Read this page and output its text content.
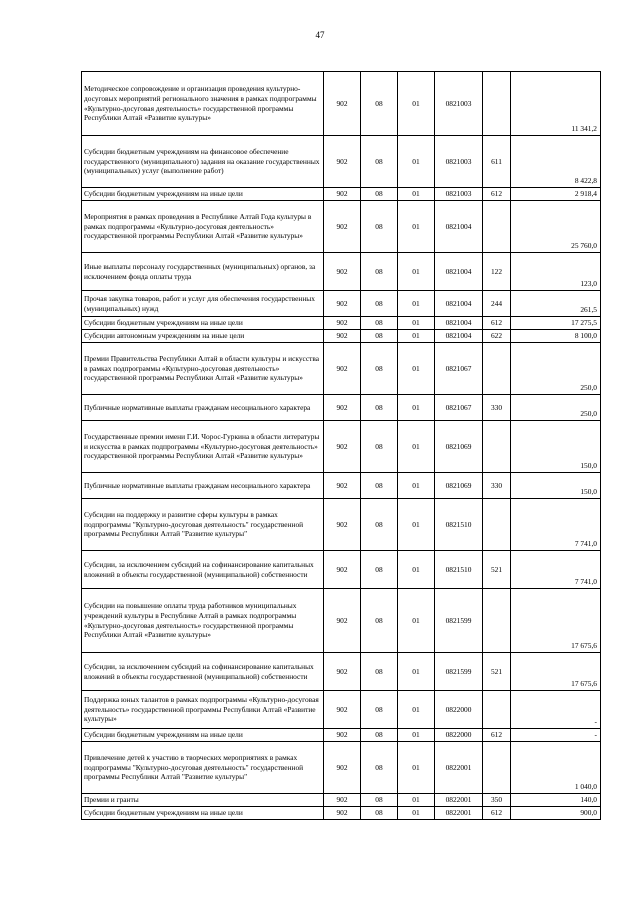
47
Методическое сопровождение и организация проведения культурно-досуговых мероприятий регионального значения в рамках подпрограммы «Культурно-досуговая деятельность» государственной программы Республики Алтай «Развитие культуры»	902	08	01	0821003		11 341,2
Субсидии бюджетным учреждениям на финансовое обеспечение государственного (муниципального) задания на оказание государственных (муниципальных) услуг (выполнение работ)	902	08	01	0821003	611	8 422,8
Субсидии бюджетным учреждениям на иные цели	902	08	01	0821003	612	2 918,4
Мероприятия в рамках проведения в Республике Алтай Года культуры в рамках подпрограммы «Культурно-досуговая деятельность» государственной программы Республики Алтай «Развитие культуры»	902	08	01	0821004		25 760,0
Иные выплаты персоналу государственных (муниципальных) органов, за исключением фонда оплаты труда	902	08	01	0821004	122	123,0
Прочая закупка товаров, работ и услуг для обеспечения государственных (муниципальных) нужд	902	08	01	0821004	244	261,5
Субсидии бюджетным учреждениям на иные цели	902	08	01	0821004	612	17 275,5
Субсидии автономным учреждениям на иные цели	902	08	01	0821004	622	8 100,0
Премии Правительства Республики Алтай в области культуры и искусства в рамках подпрограммы «Культурно-досуговая деятельность» государственной программы Республики Алтай «Развитие культуры»	902	08	01	0821067		250,0
Публичные нормативные выплаты гражданам несоциального характера	902	08	01	0821067	330	250,0
Государственные премии имени Г.И. Чорос-Гуркина в области литературы и искусства в рамках подпрограммы «Культурно-досуговая деятельность» государственной программы Республики Алтай «Развитие культуры»	902	08	01	0821069		150,0
Публичные нормативные выплаты гражданам несоциального характера	902	08	01	0821069	330	150,0
Субсидии на поддержку и развитие сферы культуры в рамках подпрограммы "Культурно-досуговая деятельность" государственной программы Республики Алтай "Развитие культуры"	902	08	01	0821510		7 741,0
Субсидии, за исключением субсидий на софинансирование капитальных вложений в объекты государственной (муниципальной) собственности	902	08	01	0821510	521	7 741,0
Субсидии на повышение оплаты труда работников муниципальных учреждений культуры в Республике Алтай в рамках подпрограммы «Культурно-досуговая деятельность» государственной программы Республики Алтай «Развитие культуры»	902	08	01	0821599		17 675,6
Субсидии, за исключением субсидий на софинансирование капитальных вложений в объекты государственной (муниципальной) собственности	902	08	01	0821599	521	17 675,6
Поддержка юных талантов в рамках подпрограммы «Культурно-досуговая деятельность» государственной программы Республики Алтай «Развитие культуры»	902	08	01	0822000		-
Субсидии бюджетным учреждениям на иные цели	902	08	01	0822000	612	-
Привлечение детей к участию в творческих мероприятиях в рамках подпрограммы "Культурно-досуговая деятельность" государственной программы Республики Алтай "Развитие культуры"	902	08	01	0822001		1 040,0
Премии и гранты	902	08	01	0822001	350	140,0
Субсидии бюджетным учреждениям на иные цели	902	08	01	0822001	612	900,0
